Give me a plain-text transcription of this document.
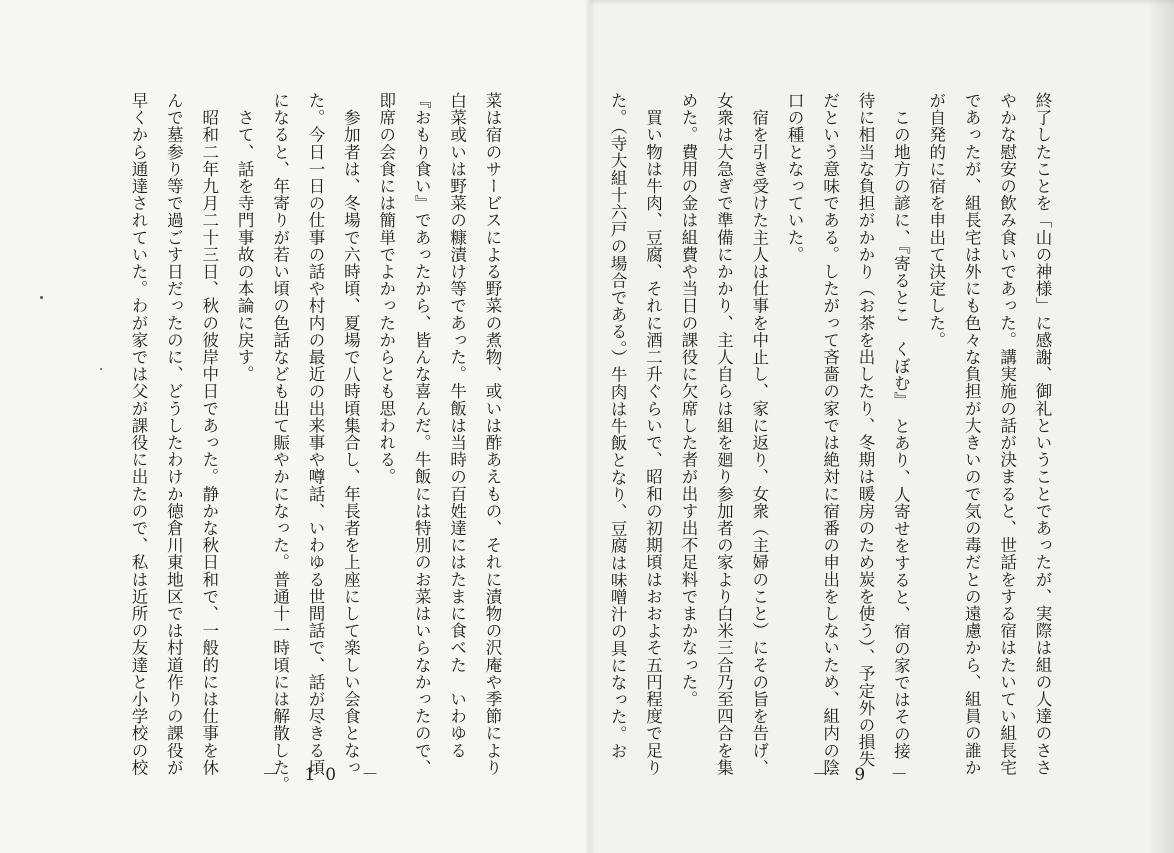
終了したことを「山の神様」に感謝、御礼ということであったが、実際は組の人達のささ
やかな慰安の飲み食いであった。講実施の話が決まると、世話をする宿はたいてい組長宅
であったが、組長宅は外にも色々な負担が大きいので気の毒だとの遠慮から、組員の誰か
が自発的に宿を申出て決定した。
　この地方の諺に、『寄るとこ　くぼむ』　とあり、人寄せをすると、宿の家ではその接
待に相当な負担がかかり（お茶を出したり、冬期は暖房のため炭を使う）、予定外の損失
だという意味である。したがって吝嗇の家では絶対に宿番の申出をしないため、組内の陰
口の種となっていた。
　宿を引き受けた主人は仕事を中止し、家に返り、女衆（主婦のこと）にその旨を告げ、
女衆は大急ぎで準備にかかり、主人自らは組を廻り参加者の家より白米三合乃至四合を集
めた。費用の金は組費や当日の課役に欠席した者が出す出不足料でまかなった。
　買い物は牛肉、豆腐、それに酒二升ぐらいで、昭和の初期頃はおおよそ五円程度で足り
た。（寺大組十六戸の場合である。）牛肉は牛飯となり、豆腐は味噌汁の具になった。お
－ 9 －
菜は宿のサービスによる野菜の煮物、或いは酢あえもの、それに漬物の沢庵や季節により
白菜或いは野菜の糠漬け等であった。牛飯は当時の百姓達にはたまに食べた　いわゆる
『おもり食い』であったから、皆んな喜んだ。牛飯には特別のお菜はいらなかったので、
即席の会食には簡単でよかったからとも思われる。
　参加者は、冬場で六時頃、夏場で八時頃集合し、年長者を上座にして楽しい会食となっ
た。今日一日の仕事の話や村内の最近の出来事や噂話、いわゆる世間話で、話が尽きる頃
になると、年寄りが若い頃の色話なども出て賑やかになった。普通十一時頃には解散した。
　さて、話を寺門事故の本論に戻す。
　昭和二年九月二十三日、秋の彼岸中日であった。静かな秋日和で、一般的には仕事を休
んで墓参り等で過ごす日だったのに、どうしたわけか徳倉川東地区では村道作りの課役が
早くから通達されていた。わが家では父が課役に出たので、私は近所の友達と小学校の校	－ 10 －
